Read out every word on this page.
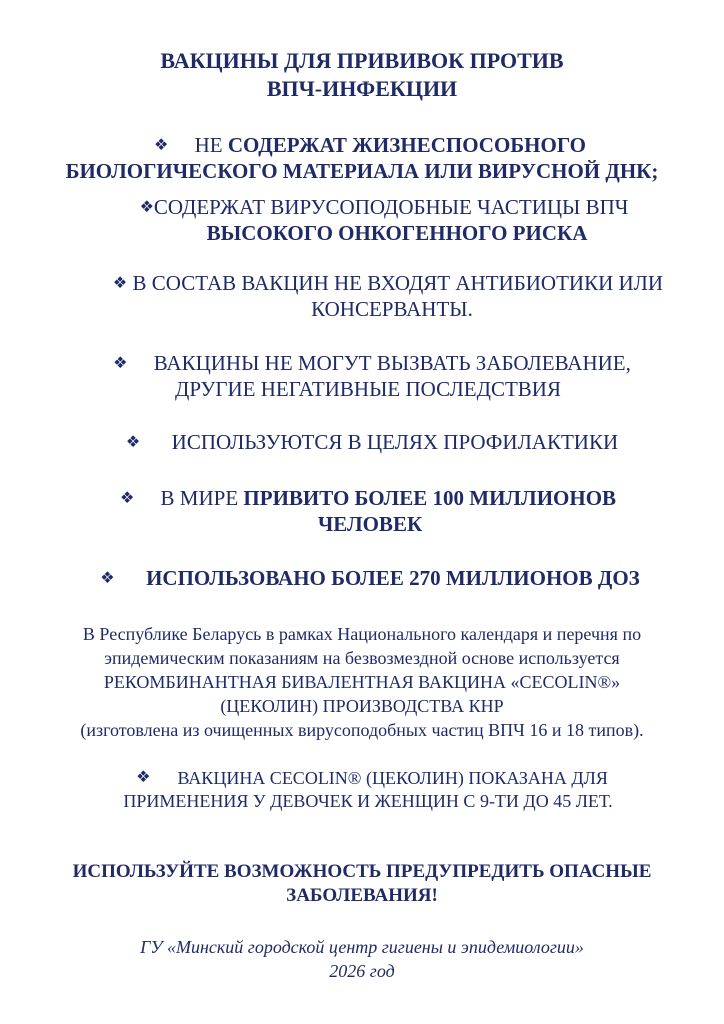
ВАКЦИНЫ ДЛЯ ПРИВИВОК ПРОТИВ
ВПЧ-ИНФЕКЦИИ
❖ НЕ СОДЕРЖАТ ЖИЗНЕСПОСОБНОГО
БИОЛОГИЧЕСКОГО МАТЕРИАЛА ИЛИ ВИРУСНОЙ ДНК;
❖СОДЕРЖАТ ВИРУСОПОДОБНЫЕ ЧАСТИЦЫ ВПЧ
ВЫСОКОГО ОНКОГЕННОГО РИСКА
❖ В СОСТАВ ВАКЦИН НЕ ВХОДЯТ АНТИБИОТИКИ ИЛИ
КОНСЕРВАНТЫ.
❖ ВАКЦИНЫ НЕ МОГУТ ВЫЗВАТЬ ЗАБОЛЕВАНИЕ,
ДРУГИЕ НЕГАТИВНЫЕ ПОСЛЕДСТВИЯ
❖ ИСПОЛЬЗУЮТСЯ В ЦЕЛЯХ ПРОФИЛАКТИКИ
❖ В МИРЕ ПРИВИТО БОЛЕЕ 100 МИЛЛИОНОВ
ЧЕЛОВЕК
❖ ИСПОЛЬЗОВАНО БОЛЕЕ 270 МИЛЛИОНОВ ДОЗ
В Республике Беларусь в рамках Национального календаря и перечня по
эпидемическим показаниям на безвозмездной основе используется
РЕКОМБИНАНТНАЯ БИВАЛЕНТНАЯ ВАКЦИНА «CECOLIN®»
(ЦЕКОЛИН) ПРОИЗВОДСТВА КНР
(изготовлена из очищенных вирусоподобных частиц ВПЧ 16 и 18 типов).
❖ ВАКЦИНА CECOLIN® (ЦЕКОЛИН) ПОКАЗАНА ДЛЯ
ПРИМЕНЕНИЯ У ДЕВОЧЕК И ЖЕНЩИН С 9-ТИ ДО 45 ЛЕТ.
ИСПОЛЬЗУЙТЕ ВОЗМОЖНОСТЬ ПРЕДУПРЕДИТЬ ОПАСНЫЕ
ЗАБОЛЕВАНИЯ!
ГУ «Минский городской центр гигиены и эпидемиологии»
2026 год
